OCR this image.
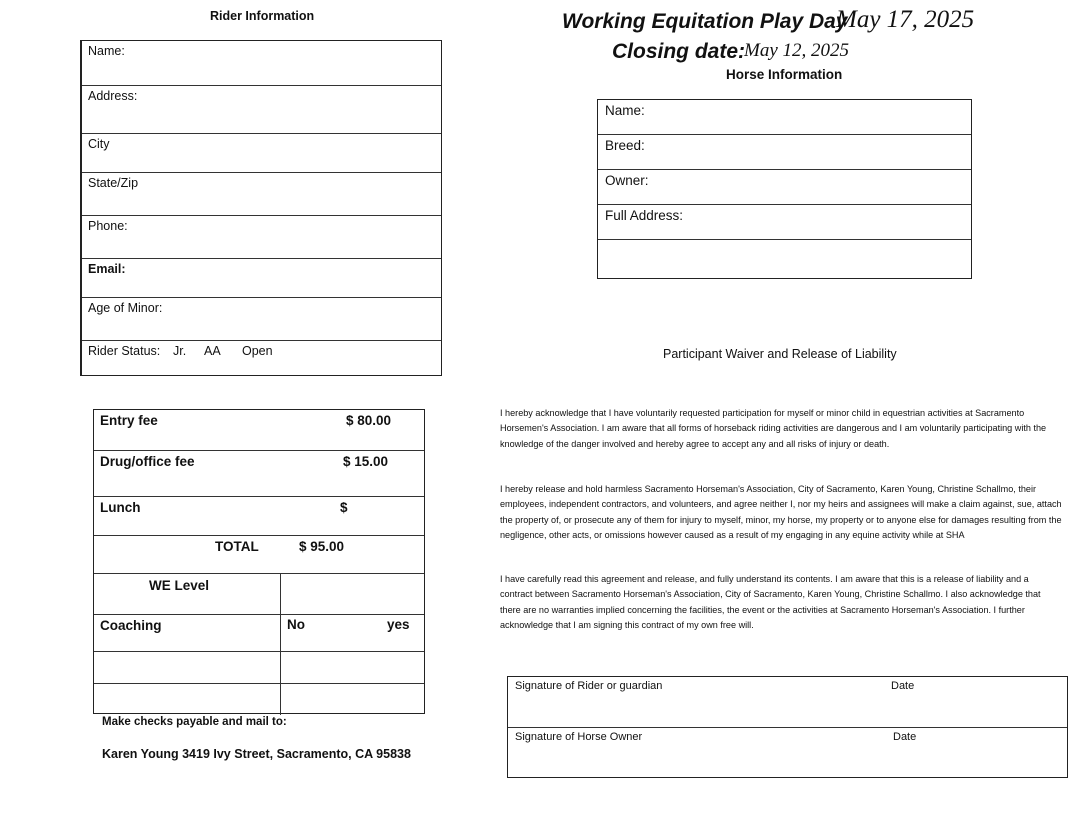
Rider Information	Working Equitation Play Day
May 17, 2025
Closing date:
May 12, 2025
Horse Information
Name:
Address:
City
State/Zip
Phone:
Email:
Age of Minor:
Rider Status: Jr. AA Open
Name:
Breed:
Owner:
Full Address:
Entry fee	$ 80.00
Drug/office fee	$ 15.00
Lunch	$
TOTAL	$ 95.00
WE Level
Coaching	No	yes
Make checks payable and mail to:
Karen Young 3419 Ivy Street, Sacramento, CA 95838
Participant Waiver and Release of Liability
I hereby acknowledge that I have voluntarily requested participation for myself or minor child in equestrian activities at Sacramento Horsemen's Association. I am aware that all forms of horseback riding activities are dangerous and I am voluntarily participating with the knowledge of the danger involved and hereby agree to accept any and all risks of injury or death.
I hereby release and hold harmless Sacramento Horseman's Association, City of Sacramento, Karen Young, Christine Schallmo, their employees, independent contractors, and volunteers, and agree neither I, nor my heirs and assignees will make a claim against, sue, attach the property of, or prosecute any of them for injury to myself, minor, my horse, my property or to anyone else for damages resulting from the negligence, other acts, or omissions however caused as a result of my engaging in any equine activity while at SHA
I have carefully read this agreement and release, and fully understand its contents. I am aware that this is a release of liability and a contract between Sacramento Horseman's Association, City of Sacramento, Karen Young, Christine Schallmo. I also acknowledge that there are no warranties implied concerning the facilities, the event or the activities at Sacramento Horseman's Association. I further acknowledge that I am signing this contract of my own free will.
Signature of Rider or guardian	Date
Signature of Horse Owner	Date
